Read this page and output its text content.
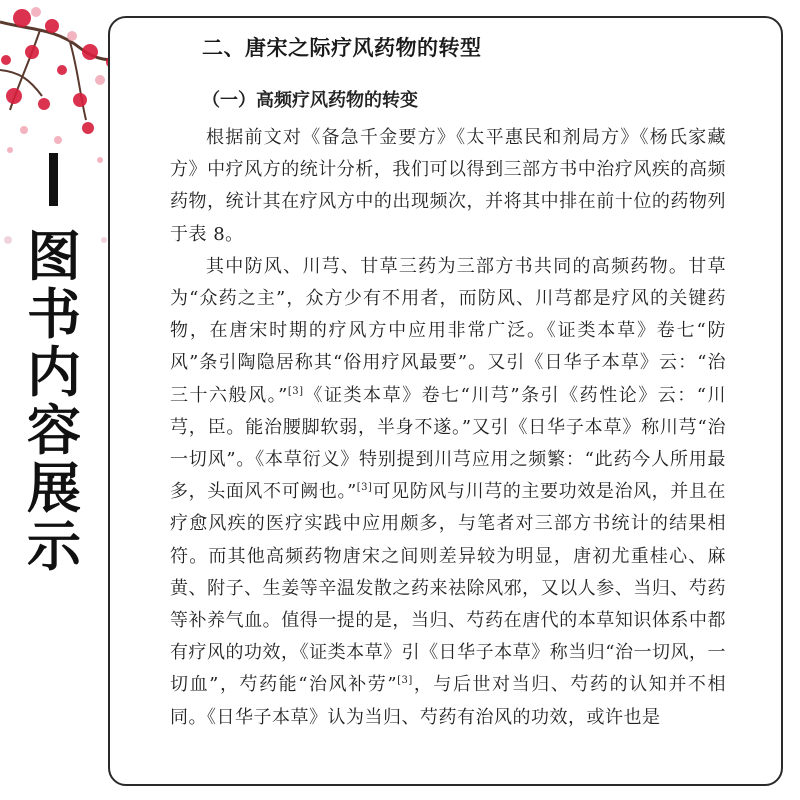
图书内容展示
二、唐宋之际疗风药物的转型
（一）高频疗风药物的转变

根据前文对《备急千金要方》《太平惠民和剂局方》《杨氏家藏方》中疗风方的统计分析，我们可以得到三部方书中治疗风疾的高频药物，统计其在疗风方中的出现频次，并将其中排在前十位的药物列于表 8。

其中防风、川芎、甘草三药为三部方书共同的高频药物。甘草为“众药之主”，众方少有不用者，而防风、川芎都是疗风的关键药物，在唐宋时期的疗风方中应用非常广泛。《证类本草》卷七“防风”条引陶隐居称其“俗用疗风最要”。又引《日华子本草》云：“治三十六般风。”[3]《证类本草》卷七“川芎”条引《药性论》云：“川芎，臣。能治腰脚软弱，半身不遂。”又引《日华子本草》称川芎“治一切风”。《本草衍义》特别提到川芎应用之频繁：“此药今人所用最多，头面风不可阙也。”[3]可见防风与川芎的主要功效是治风，并且在疗愈风疾的医疗实践中应用颇多，与笔者对三部方书统计的结果相符。而其他高频药物唐宋之间则差异较为明显，唐初尤重桂心、麻黄、附子、生姜等辛温发散之药来祛除风邪，又以人参、当归、芍药等补养气血。值得一提的是，当归、芍药在唐代的本草知识体系中都有疗风的功效，《证类本草》引《日华子本草》称当归“治一切风，一切血”，芍药能“治风补劳”[3]，与后世对当归、芍药的认知并不相同。《日华子本草》认为当归、芍药有治风的功效，或许也是
